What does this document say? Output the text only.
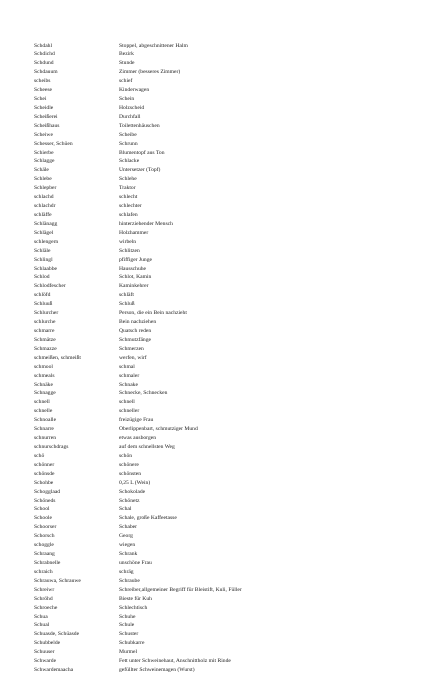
Schdahl	Stoppel, abgeschnittener Halm
Schdichd	Bezirk
Schdund	Stunde
Schdauum	Zimmer (besseres Zimmer)
scheibs	schief
Scheese	Kinderwagen
Schei	Schein
Scheidle	Holzscheid
Scheißerei	Durchfall
Scheißhaus	Toilettenhäuschen
Scheiwe	Scheibe
Schesser, Schüen	Schrunn
Schierbe	Blumentopf aus Ton
Schlagge	Schlacke
Schäle	Untersetzer (Topf)
Schlebe	Schlehe
Schlepber	Traktor
schlachd	schlecht
schlachdr	schlechter
schläffe	schlafen
Schlänagg	hinterziehender Mensch
Schlägel	Holzhammer
schlengern	wirbeln
Schläle	Schlitzen
Schlingl	pfiffiger Junge
Schlaabbe	Hausschuhe
Schlod	Schlot, Kamin
Schlodfescher	Kaminkehrer
schlöfd	schläft
Schluuß	Schluß
Schlurcher	Person, die ein Bein nachzieht
schlurche	Bein nachziehen
schmarre	Quatsch reden
Schmätze	Schmutzfänge
Schmazze	Schmerzen
schmeißen, schmeißt	werfen, wirf
schmool	schmal
schmeals	schmaler
Schnäke	Schnake
Schnagge	Schnecke, Schnecken
schnell	schnell
schnelle	schneller
Schnoalle	freizügige Frau
Schnarre	Oberlippenbart, schmutziger Mund
schnurren	etwas ausborgen
schnurschdrags	auf dem schnellsten Weg
schö	schön
schönner	schönere
schönsde	schönsten
Schohbe	0,25 L (Wein)
Schogglaad	Schokolade
Schöneds	Schönetz
School	Schal
Schoole	Schale, große Kaffeetasse
Schoorser	Schaber
Schorsch	Georg
schoggle	wiegen
Schraang	Schrank
Schrabnelle	unschöne Frau
schraich	schräg
Schrauwa, Schrauwe	Schraube
Schreiwr	Schreiber,allgemeiner Begriff für Bleistift, Kuli, Füller
Schröhd	Bieste für Kuh
Schroeche	Schlechtisch
Schua	Schuhe
Schual	Schule
Schuasde, Schüasde	Schuster
Schubbelde	Schubkarre
Schuuser	Murmel
Schwarde	Fett unter Schweinehaut, Anschnittholz mit Rinde
Schwardemaacha	gefüllter Schweinemagen (Wurst)
